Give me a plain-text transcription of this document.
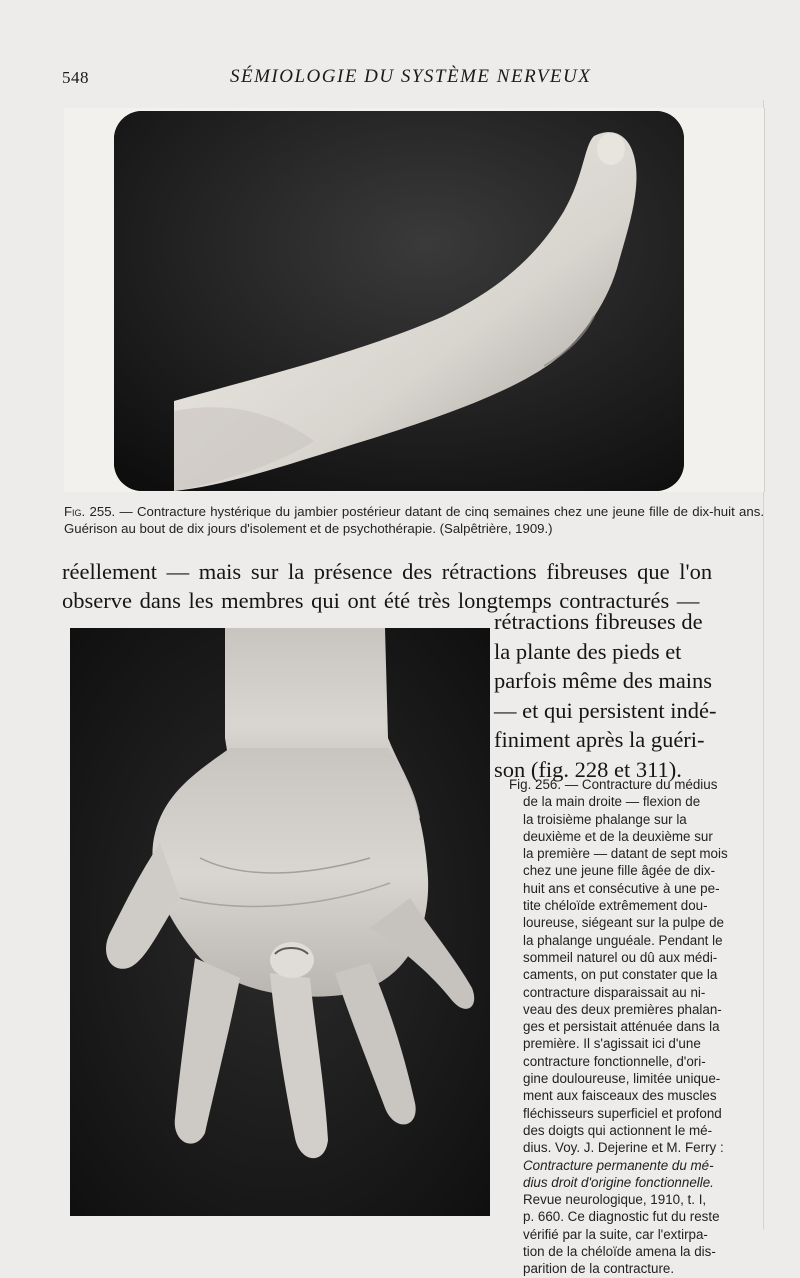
548	SÉMIOLOGIE DU SYSTÈME NERVEUX
Fig. 255. — Contracture hystérique du jambier postérieur datant de cinq semaines chez une jeune fille de dix-huit ans. Guérison au bout de dix jours d'isolement et de psychothérapie. (Salpêtrière, 1909.)
réellement — mais sur la présence des rétractions fibreuses que l'on
observe dans les membres qui ont été très longtemps contracturés —
rétractions fibreuses de
la plante des pieds et
parfois même des mains
— et qui persistent indé-
finiment après la guéri-
son (fig. 228 et 311).
Fig. 256. — Contracture du médius
de la main droite — flexion de
la troisième phalange sur la
deuxième et de la deuxième sur
la première — datant de sept mois
chez une jeune fille âgée de dix-
huit ans et consécutive à une pe-
tite chéloïde extrêmement dou-
loureuse, siégeant sur la pulpe de
la phalange unguéale. Pendant le
sommeil naturel ou dû aux médi-
caments, on put constater que la
contracture disparaissait au ni-
veau des deux premières phalan-
ges et persistait atténuée dans la
première. Il s'agissait ici d'une
contracture fonctionnelle, d'ori-
gine douloureuse, limitée unique-
ment aux faisceaux des muscles
fléchisseurs superficiel et profond
des doigts qui actionnent le mé-
dius. Voy. J. Dejerine et M. Ferry :
Contracture permanente du mé-
dius droit d'origine fonctionnelle.
Revue neurologique, 1910, t. I,
p. 660. Ce diagnostic fut du reste
vérifié par la suite, car l'extirpa-
tion de la chéloïde amena la dis-
parition de la contracture.
